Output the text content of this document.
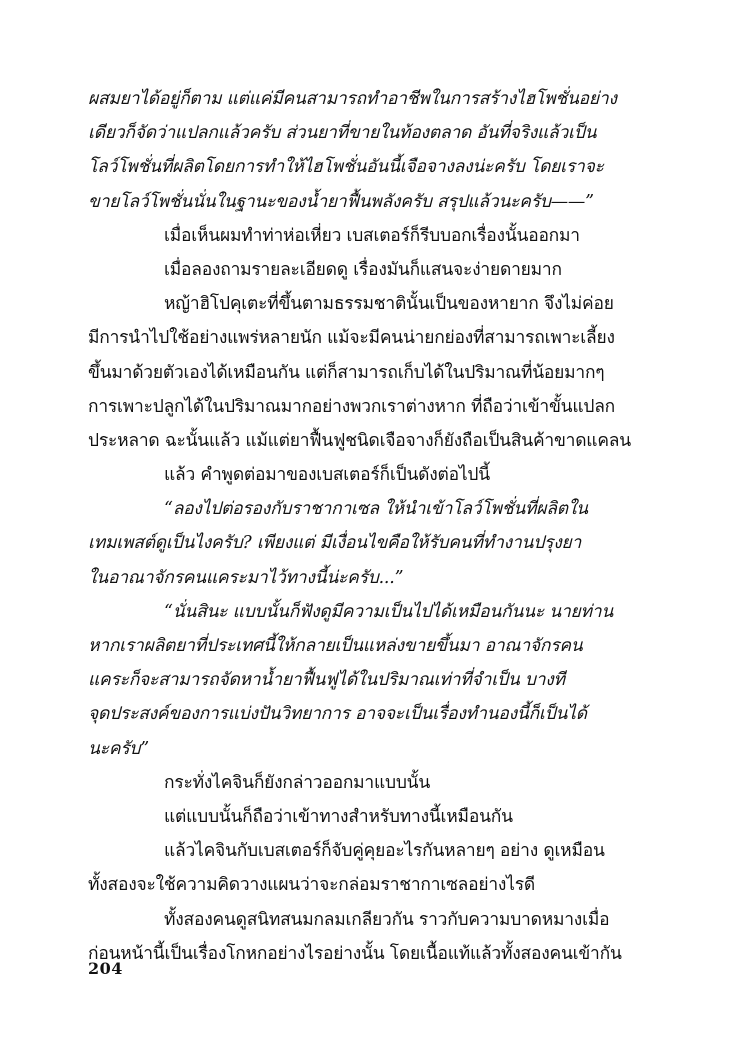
ผสมยาได้อยู่ก็ตาม แต่แค่มีคนสามารถทำอาชีพในการสร้างไฮโพชั่นอย่าง
เดียวก็จัดว่าแปลกแล้วครับ ส่วนยาที่ขายในท้องตลาด อันที่จริงแล้วเป็น
โลว์โพชั่นที่ผลิตโดยการทำให้ไฮโพชั่นอันนี้เจือจางลงน่ะครับ โดยเราจะ
ขายโลว์โพชั่นนั่นในฐานะของน้ำยาฟื้นพลังครับ สรุปแล้วนะครับ——”
เมื่อเห็นผมทำท่าห่อเหี่ยว เบสเตอร์ก็รีบบอกเรื่องนั้นออกมา
เมื่อลองถามรายละเอียดดู เรื่องมันก็แสนจะง่ายดายมาก
หญ้าฮิโปคุเตะที่ขึ้นตามธรรมชาตินั้นเป็นของหายาก จึงไม่ค่อย
มีการนำไปใช้อย่างแพร่หลายนัก แม้จะมีคนน่ายกย่องที่สามารถเพาะเลี้ยง
ขึ้นมาด้วยตัวเองได้เหมือนกัน แต่ก็สามารถเก็บได้ในปริมาณที่น้อยมากๆ
การเพาะปลูกได้ในปริมาณมากอย่างพวกเราต่างหาก ที่ถือว่าเข้าขั้นแปลก
ประหลาด ฉะนั้นแล้ว แม้แต่ยาฟื้นฟูชนิดเจือจางก็ยังถือเป็นสินค้าขาดแคลน
แล้ว คำพูดต่อมาของเบสเตอร์ก็เป็นดังต่อไปนี้
“ลองไปต่อรองกับราชากาเซล ให้นำเข้าโลว์โพชั่นที่ผลิตใน
เทมเพสต์ดูเป็นไงครับ? เพียงแต่ มีเงื่อนไขคือให้รับคนที่ทำงานปรุงยา
ในอาณาจักรคนแคระมาไว้ทางนี้น่ะครับ...”
“นั่นสินะ แบบนั้นก็ฟังดูมีความเป็นไปได้เหมือนกันนะ นายท่าน
หากเราผลิตยาที่ประเทศนี้ให้กลายเป็นแหล่งขายขึ้นมา อาณาจักรคน
แคระก็จะสามารถจัดหาน้ำยาฟื้นฟูได้ในปริมาณเท่าที่จำเป็น บางที
จุดประสงค์ของการแบ่งปันวิทยาการ อาจจะเป็นเรื่องทำนองนี้ก็เป็นได้
นะครับ”
กระทั่งไคจินก็ยังกล่าวออกมาแบบนั้น
แต่แบบนั้นก็ถือว่าเข้าทางสำหรับทางนี้เหมือนกัน
แล้วไคจินกับเบสเตอร์ก็จับคู่คุยอะไรกันหลายๆ อย่าง ดูเหมือน
ทั้งสองจะใช้ความคิดวางแผนว่าจะกล่อมราชากาเซลอย่างไรดี
ทั้งสองคนดูสนิทสนมกลมเกลียวกัน ราวกับความบาดหมางเมื่อ
ก่อนหน้านี้เป็นเรื่องโกหกอย่างไรอย่างนั้น โดยเนื้อแท้แล้วทั้งสองคนเข้ากัน
204
